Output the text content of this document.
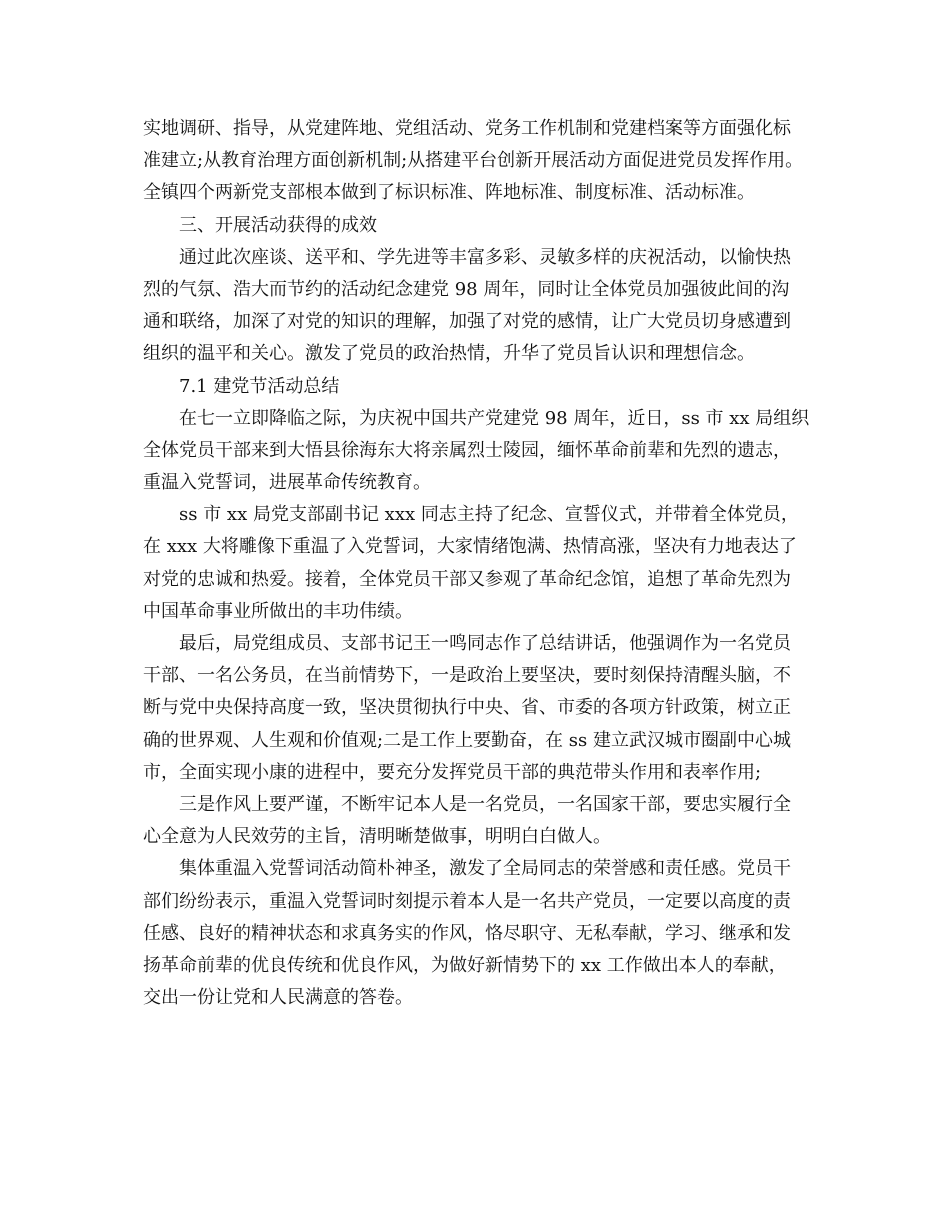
实地调研、指导，从党建阵地、党组活动、党务工作机制和党建档案等方面强化标
准建立;从教育治理方面创新机制;从搭建平台创新开展活动方面促进党员发挥作用。
全镇四个两新党支部根本做到了标识标准、阵地标准、制度标准、活动标准。
三、开展活动获得的成效
通过此次座谈、送平和、学先进等丰富多彩、灵敏多样的庆祝活动，以愉快热
烈的气氛、浩大而节约的活动纪念建党 98 周年，同时让全体党员加强彼此间的沟
通和联络，加深了对党的知识的理解，加强了对党的感情，让广大党员切身感遭到
组织的温平和关心。激发了党员的政治热情，升华了党员旨认识和理想信念。
7.1 建党节活动总结
在七一立即降临之际，为庆祝中国共产党建党 98 周年，近日，ss 市 xx 局组织
全体党员干部来到大悟县徐海东大将亲属烈士陵园，缅怀革命前辈和先烈的遗志，
重温入党誓词，进展革命传统教育。
ss 市 xx 局党支部副书记 xxx 同志主持了纪念、宣誓仪式，并带着全体党员，
在 xxx 大将雕像下重温了入党誓词，大家情绪饱满、热情高涨，坚决有力地表达了
对党的忠诚和热爱。接着，全体党员干部又参观了革命纪念馆，追想了革命先烈为
中国革命事业所做出的丰功伟绩。
最后，局党组成员、支部书记王一鸣同志作了总结讲话，他强调作为一名党员
干部、一名公务员，在当前情势下，一是政治上要坚决，要时刻保持清醒头脑，不
断与党中央保持高度一致，坚决贯彻执行中央、省、市委的各项方针政策，树立正
确的世界观、人生观和价值观;二是工作上要勤奋，在 ss 建立武汉城市圈副中心城
市，全面实现小康的进程中，要充分发挥党员干部的典范带头作用和表率作用;
三是作风上要严谨，不断牢记本人是一名党员，一名国家干部，要忠实履行全
心全意为人民效劳的主旨，清明晰楚做事，明明白白做人。
集体重温入党誓词活动简朴神圣，激发了全局同志的荣誉感和责任感。党员干
部们纷纷表示，重温入党誓词时刻提示着本人是一名共产党员，一定要以高度的责
任感、良好的精神状态和求真务实的作风，恪尽职守、无私奉献，学习、继承和发
扬革命前辈的优良传统和优良作风，为做好新情势下的 xx 工作做出本人的奉献，
交出一份让党和人民满意的答卷。
